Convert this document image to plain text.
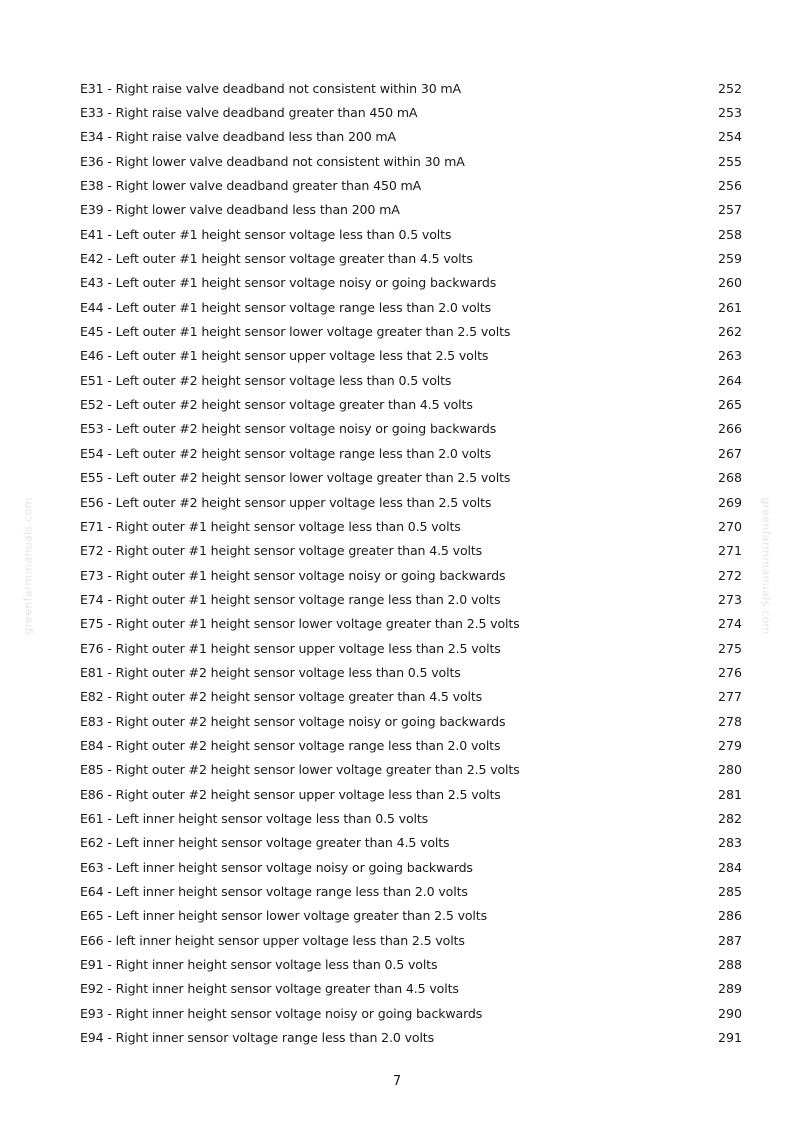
greenfarmmanuals.com	greenfarmmanuals.com
E31 - Right raise valve deadband not consistent within 30 mA	252
E33 - Right raise valve deadband greater than 450 mA	253
E34 - Right raise valve deadband less than 200 mA	254
E36 - Right lower valve deadband not consistent within 30 mA	255
E38 - Right lower valve deadband greater than 450 mA	256
E39 - Right lower valve deadband less than 200 mA	257
E41 - Left outer #1 height sensor voltage less than 0.5 volts	258
E42 - Left outer #1 height sensor voltage greater than 4.5 volts	259
E43 - Left outer #1 height sensor voltage noisy or going backwards	260
E44 - Left outer #1 height sensor voltage range less than 2.0 volts	261
E45 - Left outer #1 height sensor lower voltage greater than 2.5 volts	262
E46 - Left outer #1 height sensor upper voltage less that 2.5 volts	263
E51 - Left outer #2 height sensor voltage less than 0.5 volts	264
E52 - Left outer #2 height sensor voltage greater than 4.5 volts	265
E53 - Left outer #2 height sensor voltage noisy or going backwards	266
E54 - Left outer #2 height sensor voltage range less than 2.0 volts	267
E55 - Left outer #2 height sensor lower voltage greater than 2.5 volts	268
E56 - Left outer #2 height sensor upper voltage less than 2.5 volts	269
E71 - Right outer #1 height sensor voltage less than 0.5 volts	270
E72 - Right outer #1 height sensor voltage greater than 4.5 volts	271
E73 - Right outer #1 height sensor voltage noisy or going backwards	272
E74 - Right outer #1 height sensor voltage range less than 2.0 volts	273
E75 - Right outer #1 height sensor lower voltage greater than 2.5 volts	274
E76 - Right outer #1 height sensor upper voltage less than 2.5 volts	275
E81 - Right outer #2 height sensor voltage less than 0.5 volts	276
E82 - Right outer #2 height sensor voltage greater than 4.5 volts	277
E83 - Right outer #2 height sensor voltage noisy or going backwards	278
E84 - Right outer #2 height sensor voltage range less than 2.0 volts	279
E85 - Right outer #2 height sensor lower voltage greater than 2.5 volts	280
E86 - Right outer #2 height sensor upper voltage less than 2.5 volts	281
E61 - Left inner height sensor voltage less than 0.5 volts	282
E62 - Left inner height sensor voltage greater than 4.5 volts	283
E63 - Left inner height sensor voltage noisy or going backwards	284
E64 - Left inner height sensor voltage range less than 2.0 volts	285
E65 - Left inner height sensor lower voltage greater than 2.5 volts	286
E66 - left inner height sensor upper voltage less than 2.5 volts	287
E91 - Right inner height sensor voltage less than 0.5 volts	288
E92 - Right inner height sensor voltage greater than 4.5 volts	289
E93 - Right inner height sensor voltage noisy or going backwards	290
E94 - Right inner sensor voltage range less than 2.0 volts	291
7
